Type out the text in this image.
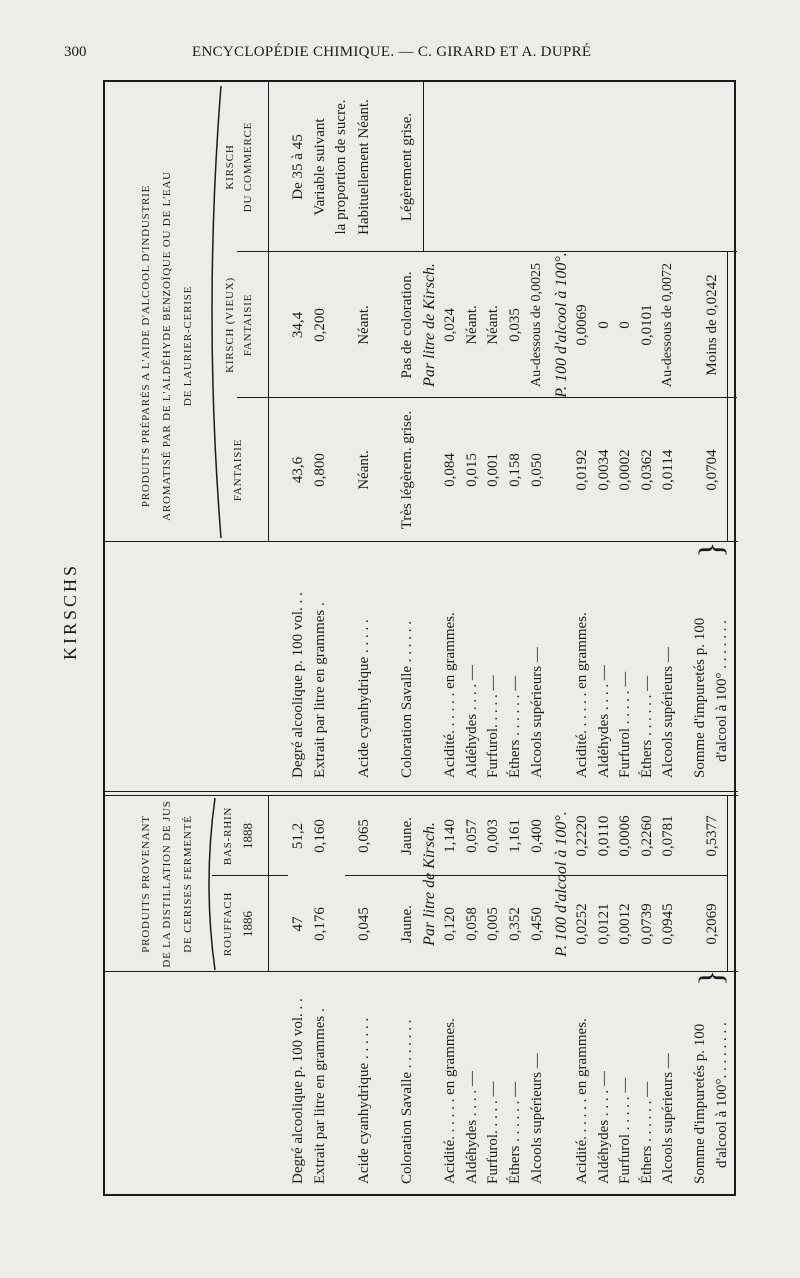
300	ENCYCLOPÉDIE CHIMIQUE. — C. GIRARD ET A. DUPRÉ
KIRSCHS
PRODUITS PROVENANT DE LA DISTILLATION DE JUS DE CERISES FERMENTÉ	ROUFFACH 1886
BAS-RHIN 1888
Degré alcoolique p. 100 vol. . . Extrait par litre en grammes . Acide cyanhydrique . . . . . . Coloration Savalle . . . . . . . Acidité. . . . . . en grammes. Aldéhydes . . . . — Furfurol. . . . . — Éthers . . . . . . — Alcools supérieurs — Acidité. . . . . . en grammes. Aldéhydes . . . . — Furfurol . . . . . — Éthers . . . . . . — Alcools supérieurs — Somme d'impuretés p. 100 d'alcool à 100°. . . . . . . .
}
47 0,176 0,045 Jaune. Par litre de Kirsch. 0,120 0,058 0,005 0,352 0,450 P. 100 d'alcool à 100°. 0,0252 0,0121 0,0012 0,0739 0,0945 0,2069
51,2 0,160 0,065 Jaune. 1,140 0,057 0,003 1,161 0,400 0,2220 0,0110 0,0006 0,2260 0,0781 0,5377
PRODUITS PRÉPARÉS A L'AIDE D'ALCOOL D'INDUSTRIE AROMATISÉ PAR DE L'ALDÉHYDE BENZOÏQUE OU DE L'EAU DE LAURIER-CERISE
FANTAISIE
KIRSCH (VIEUX) FANTAISIE
KIRSCH DU COMMERCE
Degré alcoolique p. 100 vol. . . Extrait par litre en grammes . Acide cyanhydrique . . . . . Coloration Savalle . . . . . . Acidité. . . . . . en grammes. Aldéhydes . . . . — Furfurol. . . . . — Éthers . . . . . . — Alcools supérieurs — Acidité. . . . . . en grammes. Aldéhydes . . . . — Furfurol . . . . . — Éthers . . . . . . — Alcools supérieurs — Somme d'impuretés p. 100 d'alcool à 100° . . . . . . .
}
43,6 0,800 Néant. Très légèrem. grise.
Par litre de Kirsch.
0,084 0,015 0,001 0,158 0,050
P. 100 d'alcool à 100°.
0,0192 0,0034 0,0002 0,0362 0,0114 0,0704
34,4 0,200 Néant. Pas de coloration. 0,024 Néant. Néant. 0,035 Au-dessous de 0,0025 0,0069 0 0 0,0101 Au-dessous de 0,0072 Moins de 0,0242
De 35 à 45 Variable suivant la proportion de sucre. Habituellement Néant. Légèrement grise.
